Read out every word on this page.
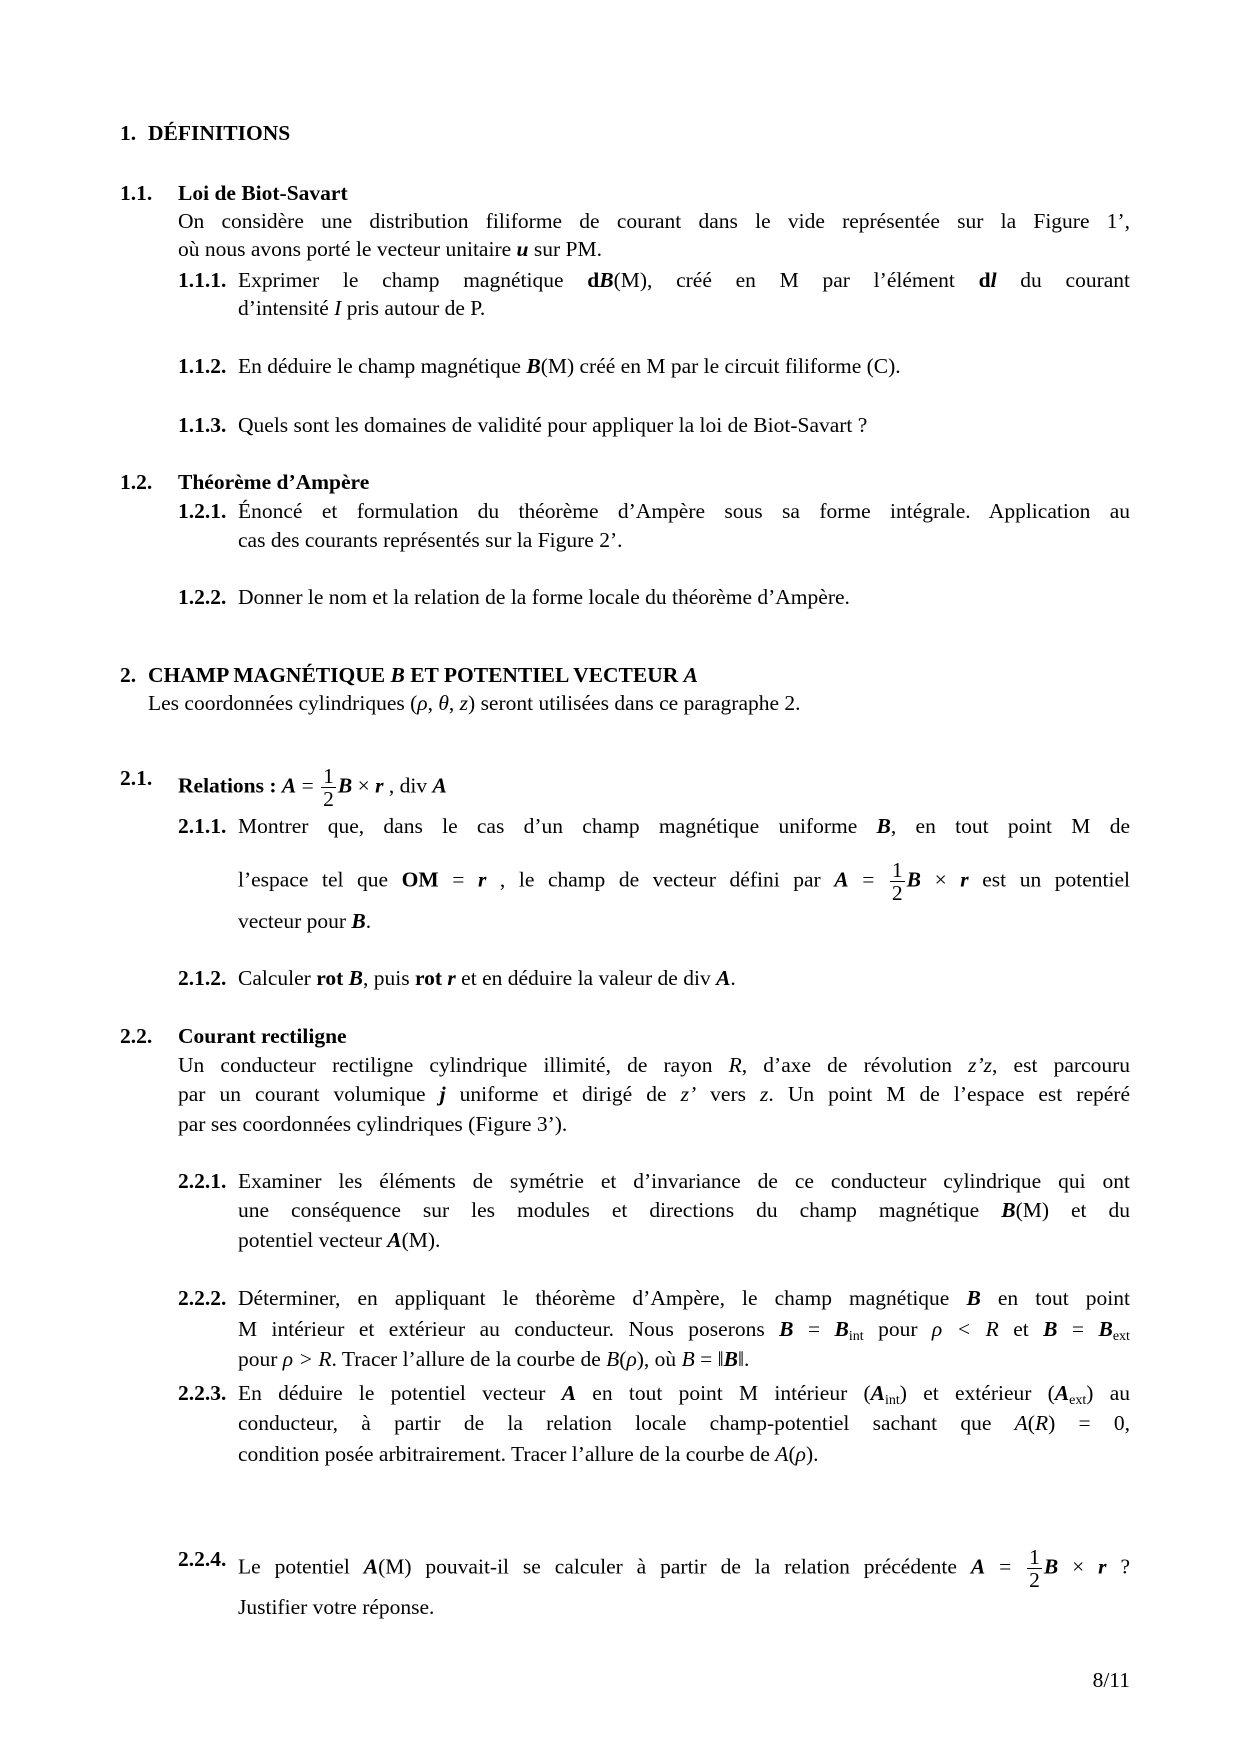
1.
1.1.
1.1.1.
1.1.2.
1.1.3.
1.2.
1.2.1.
1.2.2.
2.
2.1.
2.1.1.
2.1.2.
2.2.
2.2.1.
2.2.2.
2.2.3.
2.2.4.
DÉFINITIONS
Loi de Biot-Savart
On considère une distribution filiforme de courant dans le vide représentée sur la Figure 1’,
où nous avons porté le vecteur unitaire u sur PM.
Exprimer le champ magnétique dB(M), créé en M par l’élément dl du courant
d’intensité I pris autour de P.
En déduire le champ magnétique B(M) créé en M par le circuit filiforme (C).
Quels sont les domaines de validité pour appliquer la loi de Biot-Savart ?
Théorème d’Ampère
Énoncé et formulation du théorème d’Ampère sous sa forme intégrale. Application au
cas des courants représentés sur la Figure 2’.
Donner le nom et la relation de la forme locale du théorème d’Ampère.
CHAMP MAGNÉTIQUE B ET POTENTIEL VECTEUR A
Les coordonnées cylindriques (ρ, θ, z) seront utilisées dans ce paragraphe 2.
Relations : $A = \frac{1}{2}$ B × r , div A
Montrer que, dans le cas d’un champ magnétique uniforme B, en tout point M de
l’espace tel que OM = r , le champ de vecteur défini par $A = \frac{1}{2}$ B × r est un potentiel
vecteur pour B.
Calculer rot B, puis rot r et en déduire la valeur de div A.
Courant rectiligne
Un conducteur rectiligne cylindrique illimité, de rayon R, d’axe de révolution z’z, est parcouru
par un courant volumique j uniforme et dirigé de z’ vers z. Un point M de l’espace est repéré
par ses coordonnées cylindriques (Figure 3’).
Examiner les éléments de symétrie et d’invariance de ce conducteur cylindrique qui ont
une conséquence sur les modules et directions du champ magnétique B(M) et du
potentiel vecteur A(M).
Déterminer, en appliquant le théorème d’Ampère, le champ magnétique B en tout point
M intérieur et extérieur au conducteur. Nous poserons $B = B_{int}$ pour ρ < R et $B = B_{ext}$
pour ρ > R. Tracer l’allure de la courbe de B(ρ), où B = ‖B‖.
En déduire le potentiel vecteur A en tout point M intérieur $(A_{int})$ et extérieur $(A_{ext})$ au
conducteur, à partir de la relation locale champ-potentiel sachant que A(R) = 0,
condition posée arbitrairement. Tracer l’allure de la courbe de A(ρ).
Le potentiel A(M) pouvait-il se calculer à partir de la relation précédente $A = \frac{1}{2}$ B × r ?
Justifier votre réponse.
8/11
